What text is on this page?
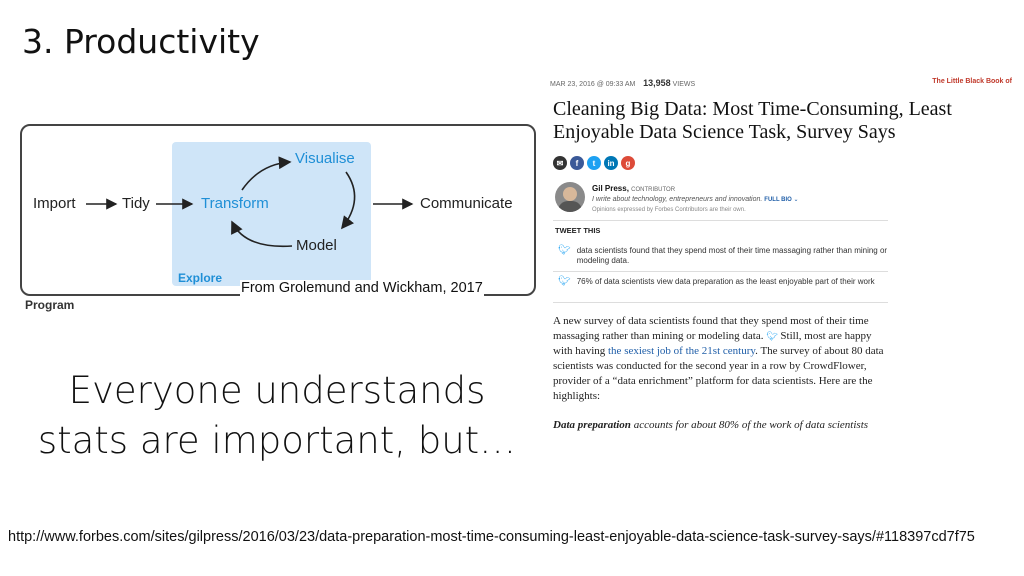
3. Productivity
Import	Tidy	Transform
Visualise
Model
Communicate
Explore
Program
From Grolemund and Wickham, 2017
Everyone understands stats are important, but…
MAR 23, 2016 @ 09:33 AM 13,958 VIEWS	The Little Black Book of
Cleaning Big Data: Most Time-Consuming, Least Enjoyable Data Science Task, Survey Says
✉	f	t	in	g
Gil Press, CONTRIBUTOR
I write about technology, entrepreneurs and innovation. FULL BIO ⌄
Opinions expressed by Forbes Contributors are their own.
TWEET THIS
🐦︎ data scientists found that they spend most of their time massaging rather than mining or modeling data.
🐦︎ 76% of data scientists view data preparation as the least enjoyable part of their work
A new survey of data scientists found that they spend most of their time massaging rather than mining or modeling data. 🐦︎ Still, most are happy with having the sexiest job of the 21st century. The survey of about 80 data scientists was conducted for the second year in a row by CrowdFlower, provider of a “data enrichment” platform for data scientists. Here are the highlights:
Data preparation accounts for about 80% of the work of data scientists
http://www.forbes.com/sites/gilpress/2016/03/23/data-preparation-most-time-consuming-least-enjoyable-data-science-task-survey-says/#118397cd7f75
